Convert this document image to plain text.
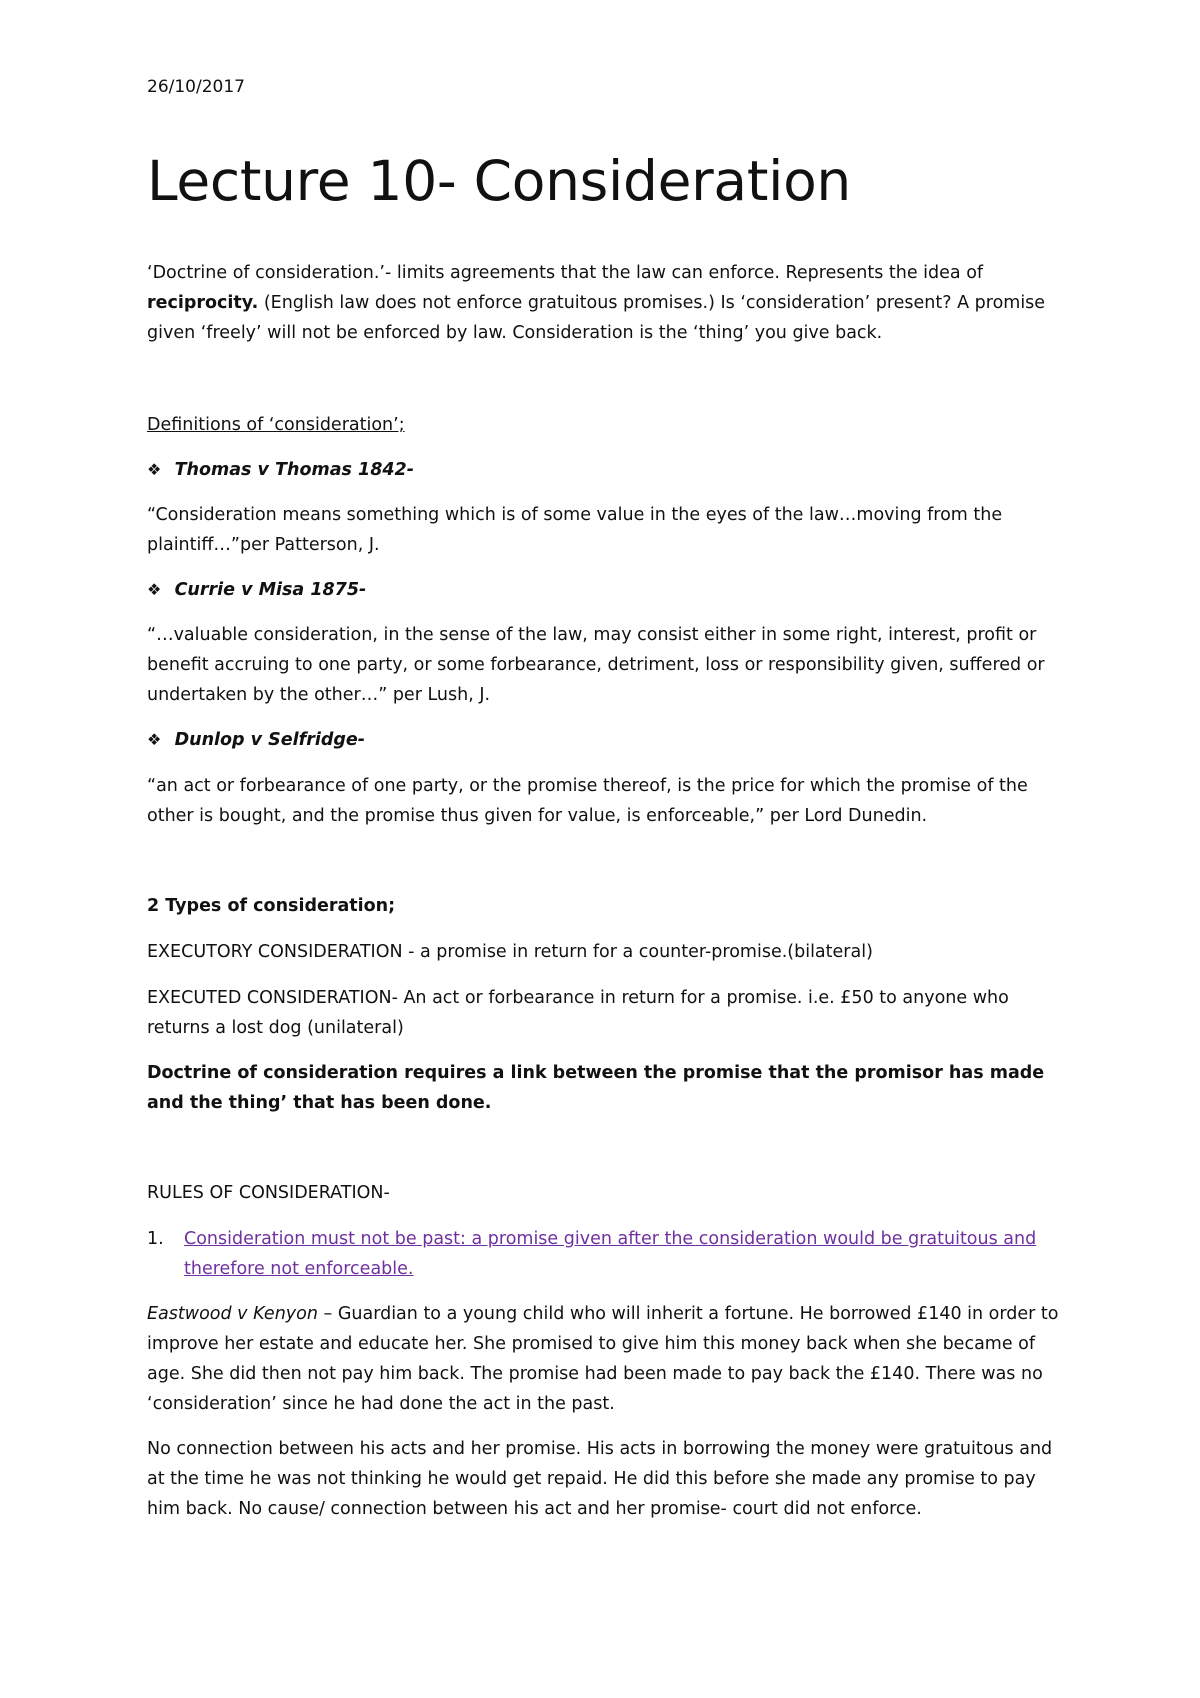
26/10/2017

Lecture 10- Consideration

‘Doctrine of consideration.’- limits agreements that the law can enforce. Represents the idea of
reciprocity. (English law does not enforce gratuitous promises.) Is ‘consideration’ present? A promise given ‘freely’ will not be enforced by law. Consideration is the ‘thing’ you give back.

Definitions of ‘consideration’;

❖ Thomas v Thomas 1842-

“Consideration means something which is of some value in the eyes of the law…moving from the plaintiff…”per Patterson, J.

❖ Currie v Misa 1875-

“…valuable consideration, in the sense of the law, may consist either in some right, interest, profit or benefit accruing to one party, or some forbearance, detriment, loss or responsibility given, suffered or undertaken by the other…” per Lush, J.

❖ Dunlop v Selfridge-

“an act or forbearance of one party, or the promise thereof, is the price for which the promise of the other is bought, and the promise thus given for value, is enforceable,” per Lord Dunedin.

2 Types of consideration;

EXECUTORY CONSIDERATION - a promise in return for a counter-promise.(bilateral)

EXECUTED CONSIDERATION- An act or forbearance in return for a promise. i.e. £50 to anyone who returns a lost dog (unilateral)

Doctrine of consideration requires a link between the promise that the promisor has made and the thing’ that has been done.

RULES OF CONSIDERATION-

1. Consideration must not be past: a promise given after the consideration would be gratuitous and therefore not enforceable.

Eastwood v Kenyon – Guardian to a young child who will inherit a fortune. He borrowed £140 in order to improve her estate and educate her. She promised to give him this money back when she became of age. She did then not pay him back. The promise had been made to pay back the £140. There was no ‘consideration’ since he had done the act in the past.

No connection between his acts and her promise. His acts in borrowing the money were gratuitous and at the time he was not thinking he would get repaid. He did this before she made any promise to pay him back. No cause/ connection between his act and her promise- court did not enforce.
